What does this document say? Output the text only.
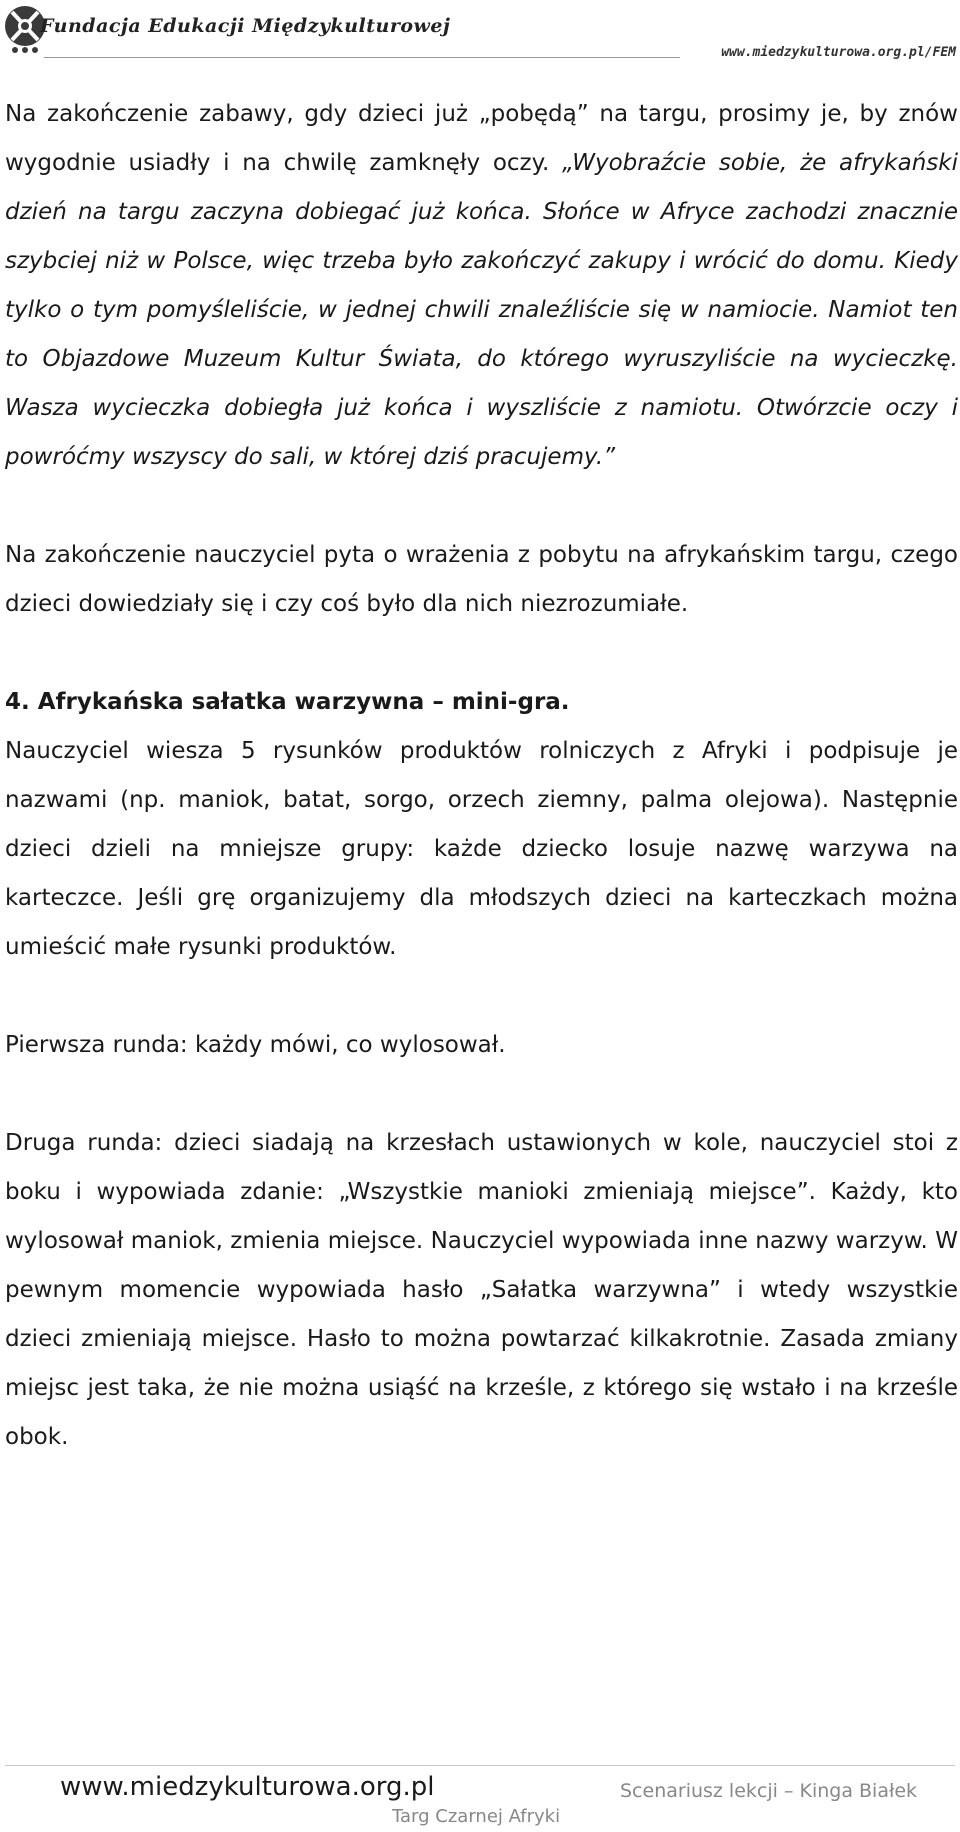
Fundacja Edukacji Międzykulturowej
www.miedzykulturowa.org.pl/FEM

Na zakończenie zabawy, gdy dzieci już „pobędą” na targu, prosimy je, by znów wygodnie usiadły i na chwilę zamknęły oczy. „Wyobraźcie sobie, że afrykański dzień na targu zaczyna dobiegać już końca. Słońce w Afryce zachodzi znacznie szybciej niż w Polsce, więc trzeba było zakończyć zakupy i wrócić do domu. Kiedy tylko o tym pomyśleliście, w jednej chwili znaleźliście się w namiocie. Namiot ten to Objazdowe Muzeum Kultur Świata, do którego wyruszyliście na wycieczkę. Wasza wycieczka dobiegła już końca i wyszliście z namiotu. Otwórzcie oczy i powróćmy wszyscy do sali, w której dziś pracujemy.”

Na zakończenie nauczyciel pyta o wrażenia z pobytu na afrykańskim targu, czego dzieci dowiedziały się i czy coś było dla nich niezrozumiałe.

4. Afrykańska sałatka warzywna – mini-gra.

Nauczyciel wiesza 5 rysunków produktów rolniczych z Afryki i podpisuje je nazwami (np. maniok, batat, sorgo, orzech ziemny, palma olejowa). Następnie dzieci dzieli na mniejsze grupy: każde dziecko losuje nazwę warzywa na karteczce. Jeśli grę organizujemy dla młodszych dzieci na karteczkach można umieścić małe rysunki produktów.

Pierwsza runda: każdy mówi, co wylosował.

Druga runda: dzieci siadają na krzesłach ustawionych w kole, nauczyciel stoi z boku i wypowiada zdanie: „Wszystkie manioki zmieniają miejsce”. Każdy, kto wylosował maniok, zmienia miejsce. Nauczyciel wypowiada inne nazwy warzyw. W pewnym momencie wypowiada hasło „Sałatka warzywna” i wtedy wszystkie dzieci zmieniają miejsce. Hasło to można powtarzać kilkakrotnie. Zasada zmiany miejsc jest taka, że nie można usiąść na krześle, z którego się wstało i na krześle obok.

www.miedzykulturowa.org.pl	Scenariusz lekcji – Kinga Białek
Targ Czarnej Afryki
